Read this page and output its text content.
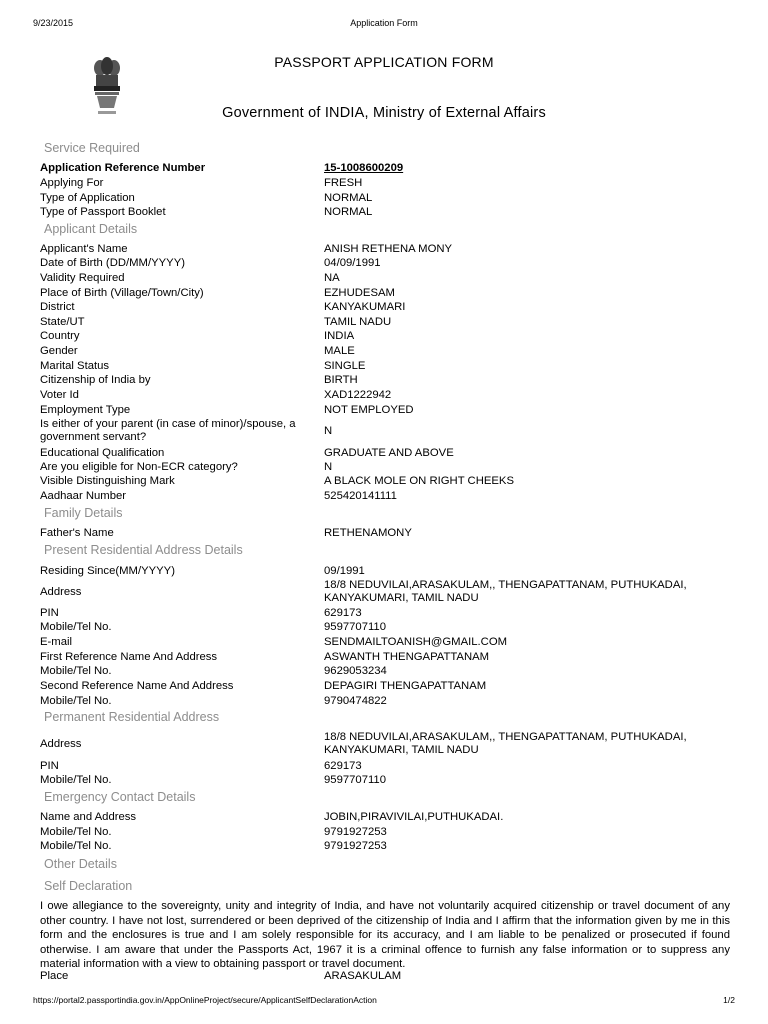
9/23/2015	Application Form
PASSPORT APPLICATION FORM
Government of INDIA, Ministry of External Affairs
Service Required
Application Reference Number	15-1008600209
Applying For	FRESH
Type of Application	NORMAL
Type of Passport Booklet	NORMAL
Applicant Details
Applicant's Name	ANISH RETHENA MONY
Date of Birth (DD/MM/YYYY)	04/09/1991
Validity Required	NA
Place of Birth (Village/Town/City)	EZHUDESAM
District	KANYAKUMARI
State/UT	TAMIL NADU
Country	INDIA
Gender	MALE
Marital Status	SINGLE
Citizenship of India by	BIRTH
Voter Id	XAD1222942
Employment Type	NOT EMPLOYED
Is either of your parent (in case of minor)/spouse, a government servant?	N
Educational Qualification	GRADUATE AND ABOVE
Are you eligible for Non-ECR category?	N
Visible Distinguishing Mark	A BLACK MOLE ON RIGHT CHEEKS
Aadhaar Number	525420141111
Family Details
Father's Name	RETHENAMONY
Present Residential Address Details
Residing Since(MM/YYYY)	09/1991
Address
18/8 NEDUVILAI,ARASAKULAM,, THENGAPATTANAM, PUTHUKADAI, KANYAKUMARI, TAMIL NADU
PIN	629173
Mobile/Tel No.	9597707110
E-mail	SENDMAILTOANISH@GMAIL.COM
First Reference Name And Address	ASWANTH THENGAPATTANAM
Mobile/Tel No.	9629053234
Second Reference Name And Address	DEPAGIRI THENGAPATTANAM
Mobile/Tel No.	9790474822
Permanent Residential Address
Address
18/8 NEDUVILAI,ARASAKULAM,, THENGAPATTANAM, PUTHUKADAI, KANYAKUMARI, TAMIL NADU
PIN	629173
Mobile/Tel No.	9597707110
Emergency Contact Details
Name and Address	JOBIN,PIRAVIVILAI,PUTHUKADAI.
Mobile/Tel No.	9791927253
Mobile/Tel No.	9791927253
Other Details
Self Declaration
I owe allegiance to the sovereignty, unity and integrity of India, and have not voluntarily acquired citizenship or travel document of any other country. I have not lost, surrendered or been deprived of the citizenship of India and I affirm that the information given by me in this form and the enclosures is true and I am solely responsible for its accuracy, and I am liable to be penalized or prosecuted if found otherwise. I am aware that under the Passports Act, 1967 it is a criminal offence to furnish any false information or to suppress any material information with a view to obtaining passport or travel document.
Place	ARASAKULAM
https://portal2.passportindia.gov.in/AppOnlineProject/secure/ApplicantSelfDeclarationAction	1/2
